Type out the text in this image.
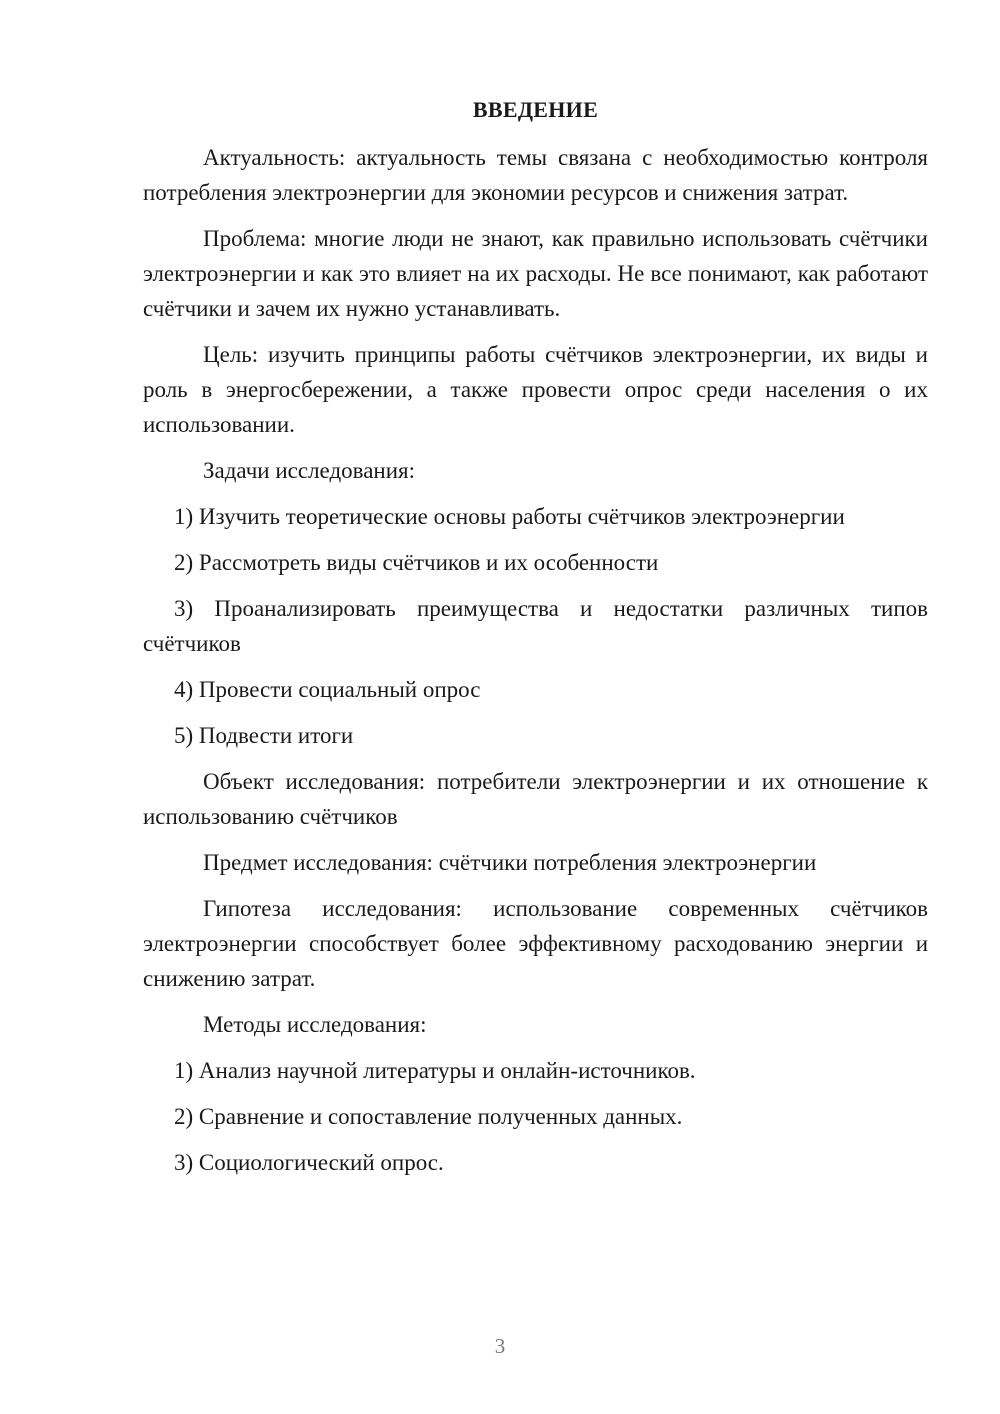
ВВЕДЕНИЕ

Актуальность: актуальность темы связана с необходимостью контроля потребления электроэнергии для экономии ресурсов и снижения затрат.

Проблема: многие люди не знают, как правильно использовать счётчики электроэнергии и как это влияет на их расходы. Не все понимают, как работают счётчики и зачем их нужно устанавливать.

Цель: изучить принципы работы счётчиков электроэнергии, их виды и роль в энергосбережении, а также провести опрос среди населения о их использовании.

Задачи исследования:

1) Изучить теоретические основы работы счётчиков электроэнергии

2) Рассмотреть виды счётчиков и их особенности

3) Проанализировать преимущества и недостатки различных типов счётчиков

4) Провести социальный опрос

5) Подвести итоги

Объект исследования: потребители электроэнергии и их отношение к использованию счётчиков

Предмет исследования: счётчики потребления электроэнергии

Гипотеза исследования: использование современных счётчиков электроэнергии способствует более эффективному расходованию энергии и снижению затрат.

Методы исследования:

1) Анализ научной литературы и онлайн-источников.

2) Сравнение и сопоставление полученных данных.

3) Социологический опрос.

3
